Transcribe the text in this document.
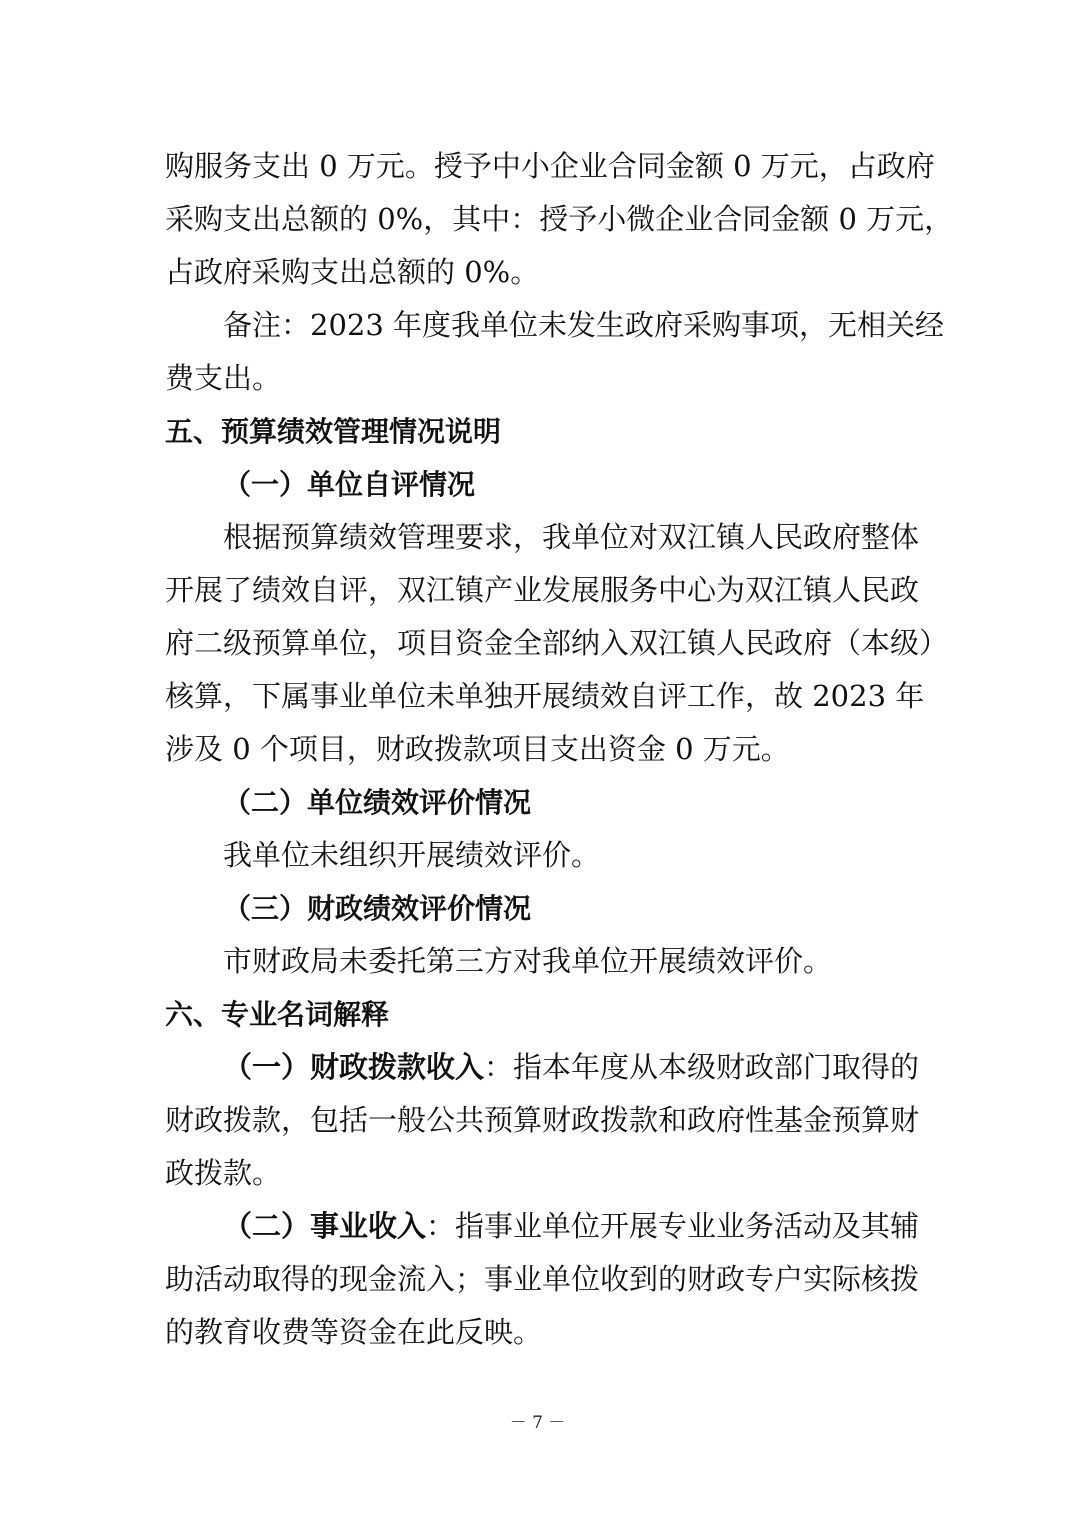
购服务支出 0 万元。授予中小企业合同金额 0 万元，占政府
采购支出总额的 0%，其中：授予小微企业合同金额 0 万元，
占政府采购支出总额的 0%。
备注：2023 年度我单位未发生政府采购事项，无相关经
费支出。
五、预算绩效管理情况说明
（一）单位自评情况
根据预算绩效管理要求，我单位对双江镇人民政府整体
开展了绩效自评，双江镇产业发展服务中心为双江镇人民政
府二级预算单位，项目资金全部纳入双江镇人民政府（本级）
核算，下属事业单位未单独开展绩效自评工作，故 2023 年
涉及 0 个项目，财政拨款项目支出资金 0 万元。
（二）单位绩效评价情况
我单位未组织开展绩效评价。
（三）财政绩效评价情况
市财政局未委托第三方对我单位开展绩效评价。
六、专业名词解释
（一）财政拨款收入：指本年度从本级财政部门取得的
财政拨款，包括一般公共预算财政拨款和政府性基金预算财
政拨款。
（二）事业收入：指事业单位开展专业业务活动及其辅
助活动取得的现金流入；事业单位收到的财政专户实际核拨
的教育收费等资金在此反映。
－ 7 －
